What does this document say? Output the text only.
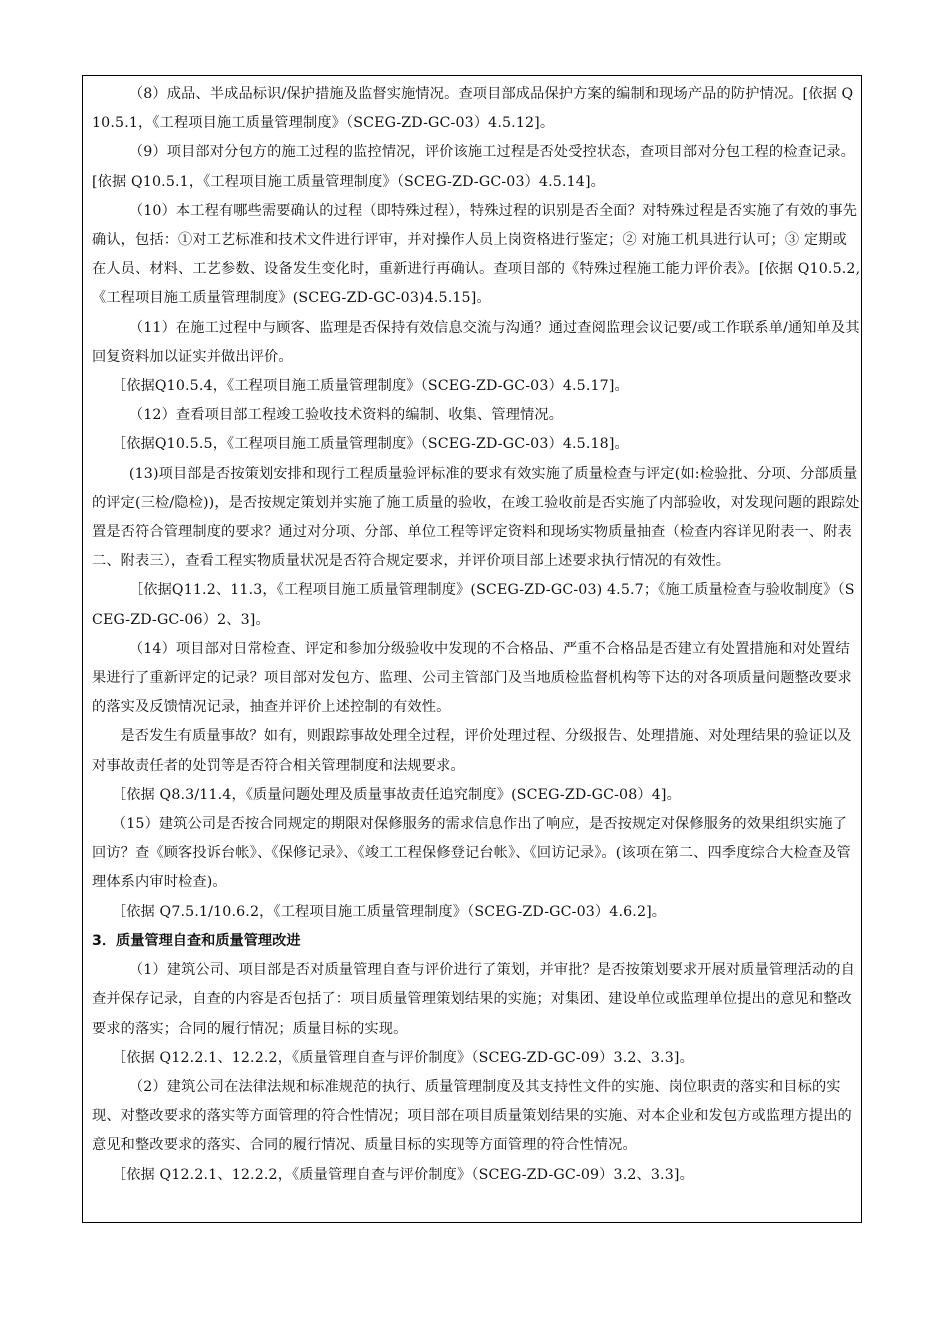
（8）成品、半成品标识/保护措施及监督实施情况。查项目部成品保护方案的编制和现场产品的防护情况。[依据 Q10.5.1，《工程项目施工质量管理制度》（SCEG-ZD-GC-03）4.5.12]。

（9）项目部对分包方的施工过程的监控情况，评价该施工过程是否处受控状态，查项目部对分包工程的检查记录。[依据 Q10.5.1，《工程项目施工质量管理制度》（SCEG-ZD-GC-03）4.5.14]。

（10）本工程有哪些需要确认的过程（即特殊过程），特殊过程的识别是否全面？对特殊过程是否实施了有效的事先确认，包括：①对工艺标准和技术文件进行评审，并对操作人员上岗资格进行鉴定；② 对施工机具进行认可；③ 定期或在人员、材料、工艺参数、设备发生变化时，重新进行再确认。查项目部的《特殊过程施工能力评价表》。[依据 Q10.5.2,《工程项目施工质量管理制度》(SCEG-ZD-GC-03)4.5.15]。

（11）在施工过程中与顾客、监理是否保持有效信息交流与沟通？通过查阅监理会议记要/或工作联系单/通知单及其回复资料加以证实并做出评价。

［依据Q10.5.4，《工程项目施工质量管理制度》（SCEG-ZD-GC-03）4.5.17]。

（12）查看项目部工程竣工验收技术资料的编制、收集、管理情况。

［依据Q10.5.5，《工程项目施工质量管理制度》（SCEG-ZD-GC-03）4.5.18]。

(13)项目部是否按策划安排和现行工程质量验评标准的要求有效实施了质量检查与评定(如:检验批、分项、分部质量的评定(三检/隐检))，是否按规定策划并实施了施工质量的验收，在竣工验收前是否实施了内部验收，对发现问题的跟踪处置是否符合管理制度的要求？通过对分项、分部、单位工程等评定资料和现场实物质量抽查（检查内容详见附表一、附表二、附表三），查看工程实物质量状况是否符合规定要求，并评价项目部上述要求执行情况的有效性。

［依据Q11.2、11.3，《工程项目施工质量管理制度》(SCEG-ZD-GC-03) 4.5.7；《施工质量检查与验收制度》（SCEG-ZD-GC-06）2、3]。

（14）项目部对日常检查、评定和参加分级验收中发现的不合格品、严重不合格品是否建立有处置措施和对处置结果进行了重新评定的记录？项目部对发包方、监理、公司主管部门及当地质检监督机构等下达的对各项质量问题整改要求的落实及反馈情况记录，抽查并评价上述控制的有效性。

是否发生有质量事故？如有，则跟踪事故处理全过程，评价处理过程、分级报告、处理措施、对处理结果的验证以及对事故责任者的处罚等是否符合相关管理制度和法规要求。

［依据 Q8.3/11.4，《质量问题处理及质量事故责任追究制度》(SCEG-ZD-GC-08）4]。

（15）建筑公司是否按合同规定的期限对保修服务的需求信息作出了响应，是否按规定对保修服务的效果组织实施了回访？查《顾客投诉台帐》、《保修记录》、《竣工工程保修登记台帐》、《回访记录》。(该项在第二、四季度综合大检查及管理体系内审时检查)。

［依据 Q7.5.1/10.6.2，《工程项目施工质量管理制度》（SCEG-ZD-GC-03）4.6.2]。

3．质量管理自查和质量管理改进

（1）建筑公司、项目部是否对质量管理自查与评价进行了策划，并审批？是否按策划要求开展对质量管理活动的自查并保存记录，自查的内容是否包括了：项目质量管理策划结果的实施；对集团、建设单位或监理单位提出的意见和整改要求的落实；合同的履行情况；质量目标的实现。

［依据 Q12.2.1、12.2.2，《质量管理自查与评价制度》（SCEG-ZD-GC-09）3.2、3.3]。

（2）建筑公司在法律法规和标准规范的执行、质量管理制度及其支持性文件的实施、岗位职责的落实和目标的实现、对整改要求的落实等方面管理的符合性情况；项目部在项目质量策划结果的实施、对本企业和发包方或监理方提出的意见和整改要求的落实、合同的履行情况、质量目标的实现等方面管理的符合性情况。

［依据 Q12.2.1、12.2.2，《质量管理自查与评价制度》（SCEG-ZD-GC-09）3.2、3.3]。
